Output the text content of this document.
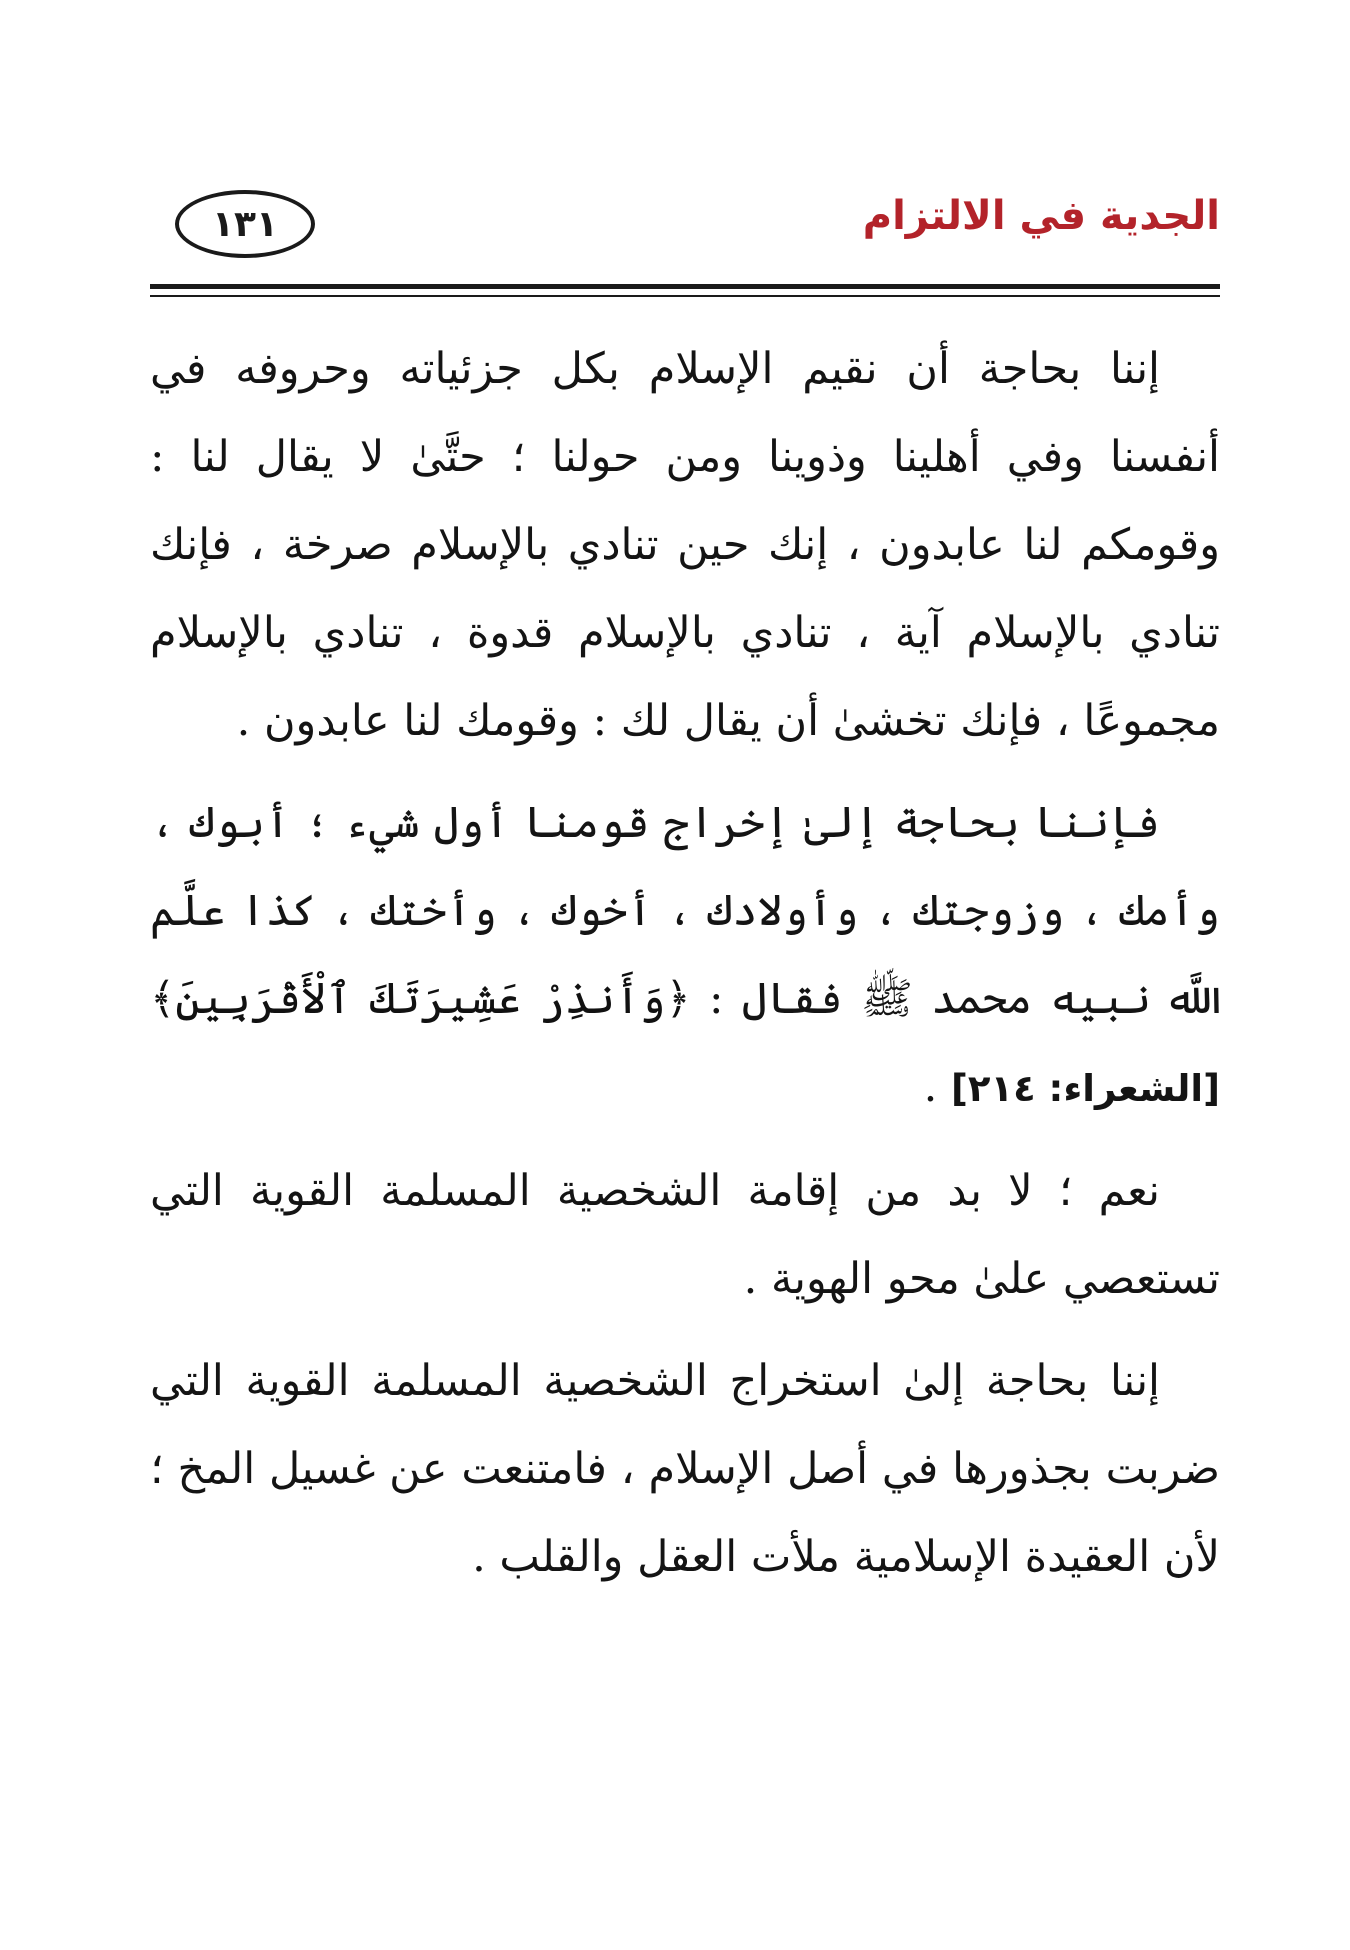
١٣١	الجدية في الالتزام

إننا بحاجة أن نقيم الإسلام بكل جزئياته وحروفه في أنفسنا وفي أهلينا وذوينا ومن حولنا ؛ حتَّىٰ لا يقال لنا : وقومكم لنا عابدون ، إنك حين تنادي بالإسلام صرخة ، فإنك تنادي بالإسلام آية ، تنادي بالإسلام قدوة ، تنادي بالإسلام مجموعًا ، فإنك تخشىٰ أن يقال لك : وقومك لنا عابدون .

فإننا بحاجة إلىٰ إخراج قومنا أول شيء ؛ أبوك ، وأمك ، وزوجتك ، وأولادك ، أخوك ، وأختك ، كذا علَّم اللَّه نبيه محمد ﷺ فقال : ﴿وَأَنذِرْ عَشِيرَتَكَ ٱلْأَقْرَبِينَ﴾ [الشعراء: ٢١٤] .

نعم ؛ لا بد من إقامة الشخصية المسلمة القوية التي تستعصي علىٰ محو الهوية .

إننا بحاجة إلىٰ استخراج الشخصية المسلمة القوية التي ضربت بجذورها في أصل الإسلام ، فامتنعت عن غسيل المخ ؛ لأن العقيدة الإسلامية ملأت العقل والقلب .
